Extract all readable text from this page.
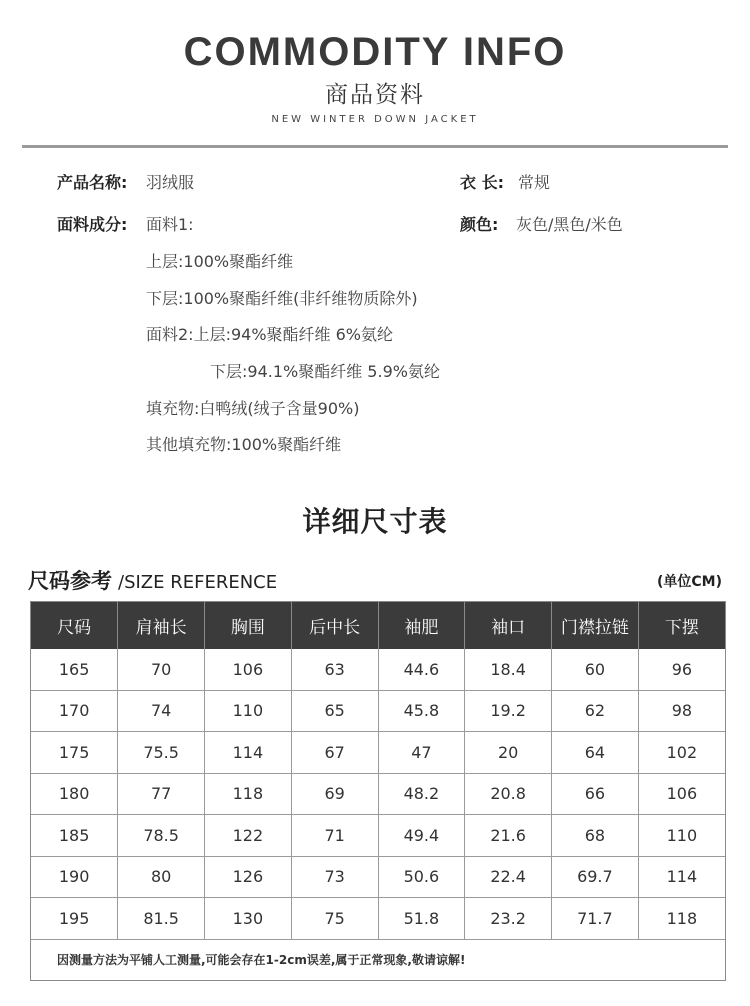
COMMODITY INFO
商品资料
NEW WINTER DOWN JACKET
产品名称: 羽绒服	衣 长: 常规
面料成分: 面料1:	颜色: 灰色/黑色/米色
上层:100%聚酯纤维
下层:100%聚酯纤维(非纤维物质除外)
面料2:上层:94%聚酯纤维 6%氨纶
下层:94.1%聚酯纤维 5.9%氨纶
填充物:白鸭绒(绒子含量90%)
其他填充物:100%聚酯纤维
详细尺寸表
尺码参考 /SIZE REFERENCE	(单位CM)
尺码	肩袖长	胸围	后中长	袖肥	袖口	门襟拉链	下摆
165	70	106	63	44.6	18.4	60	96
170	74	110	65	45.8	19.2	62	98
175	75.5	114	67	47	20	64	102
180	77	118	69	48.2	20.8	66	106
185	78.5	122	71	49.4	21.6	68	110
190	80	126	73	50.6	22.4	69.7	114
195	81.5	130	75	51.8	23.2	71.7	118
因测量方法为平铺人工测量,可能会存在1-2cm误差,属于正常现象,敬请谅解!
